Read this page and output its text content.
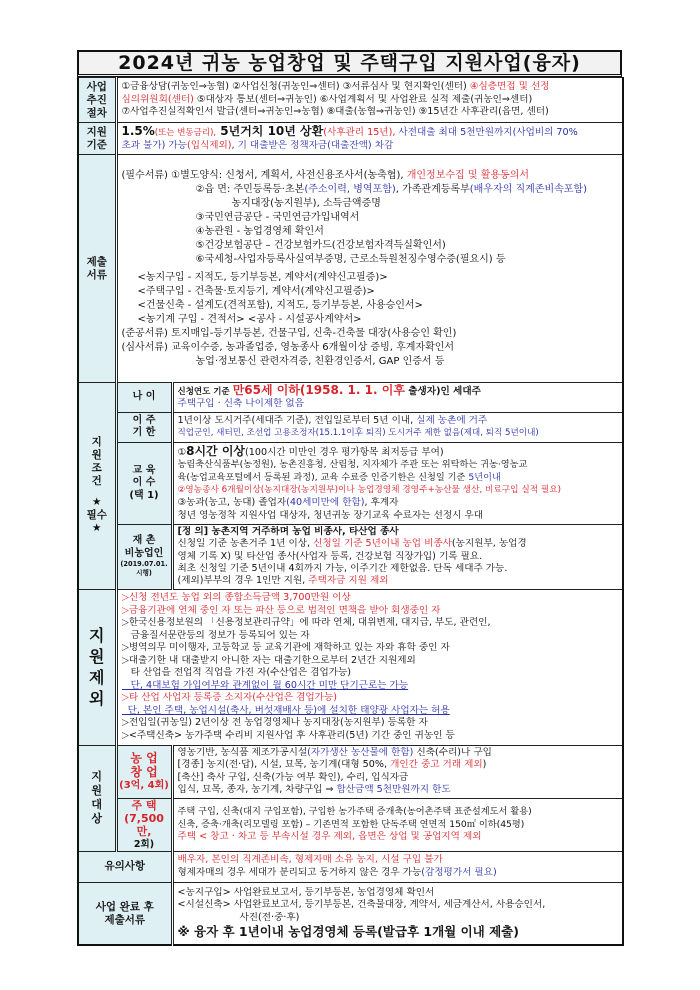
2024년 귀농 농업창업 및 주택구입 지원사업(융자)
사업
추진
절차

①금융상담(귀농인⇒농협) ②사업신청(귀농인⇒센터) ③서류심사 및 현지확인(센터) ④심층면접 및 선정
심의위원회(센터) ⑤대상자 통보(센터⇒귀농인) ⑥사업계획서 및 사업완료 실적 제출(귀농인⇒센터)
⑦사업추진실적확인서 발급(센터⇒귀농인⇒농협) ⑧대출(농협⇒귀농인) ⑨15년간 사후관리(읍면, 센터)

지원
기준

1.5%(또는 변동금리), 5년거치 10년 상환(사후관리 15년), 사전대출 최대 5천만원까지(사업비의 70%
초과 불가) 가능(입식제외), 기 대출받은 정책자금(대출잔액) 차감

제출
서류

(필수서류) ①별도양식: 신청서, 계획서, 사전신용조사서(농축협), 개인정보수집 및 활용동의서
②읍 면: 주민등록등·초본(주소이력, 병역포함), 가족관계등록부(배우자의 직계존비속포함)
농지대장(농지원부), 소득금액증명
③국민연금공단 - 국민연금가입내역서
④농관원 - 농업경영체 확인서
⑤건강보험공단 – 건강보험카드(건강보험자격득실확인서)
⑥국세청-사업자등록사실여부증명, 근로소득원천징수영수증(필요시) 등
<농지구입 - 지적도, 등기부등본, 계약서(계약신고필증)>
<주택구입 - 건축물·토지등기, 계약서(계약신고필증)>
<건물신축 - 설계도(견적포함), 지적도, 등기부등본, 사용승인서>
<농기계 구입 - 견적서> <공사 - 시설공사계약서>
(준공서류) 토지매입-등기부등본, 건물구입, 신축-건축물 대장(사용승인 확인)
(심사서류) 교육이수증, 농과졸업증, 영농종사 6개월이상 증빙, 후계자확인서
농업·정보통신 관련자격증, 친환경인증서, GAP 인증서 등

지
원
조
건
★
필수
★
	나 이	신청연도 기준 만65세 이하(1958. 1. 1. 이후 출생자)인 세대주
주택구입 · 신축 나이제한 없음

이 주
기 한

1년이상 도시거주(세대주 기준), 전입일로부터 5년 이내, 실제 농촌에 거주
직업군인, 새터민, 조선업 고용조정자(15.1.1이후 퇴직) 도시거주 제한 없음(제대, 퇴직 5년이내)

교 육
이 수
(택 1)

①8시간 이상(100시간 미만인 경우 평가항목 최저등급 부여)
농림축산식품부(농정원), 농촌진흥청, 산림청, 지자체가 주관 또는 위탁하는 귀농·영농교
육(농업교육포털에서 등록된 과정), 교육 수료증 인증기한은 신청일 기준 5년이내
②영농종사 6개월이상(농지대장(농지원부)이나 농업경영체 경영주+농산물 생산, 비료구입 실적 필요)
③농과(농고, 농대) 졸업자(40세미만에 한함), 후계자
청년 영농정착 지원사업 대상자, 청년귀농 장기교육 수료자는 선정시 우대

재 촌
비농업인
(2019.07.01.시행)

[정 의] 농촌지역 거주하며 농업 비종사, 타산업 종사
신청일 기준 농촌거주 1년 이상, 신청일 기준 5년이내 농업 비종사(농지원부, 농업경
영체 기록 X) 및 타산업 종사(사업자 등록, 건강보험 직장가입) 기록 필요.
최초 신청일 기준 5년이내 4회까지 가능, 이주기간 제한없음. 단독 세대주 가능.
(제외)부부의 경우 1인만 지원, 주택자금 지원 제외

지
원
제
외

▷신청 전년도 농업 외의 종합소득금액 3,700만원 이상
▷금융기관에 연체 중인 자 또는 파산 등으로 법적인 면책을 받아 회생중인 자
▷한국신용정보원의 「신용정보관리규약」에 따라 연체, 대위변제, 대지급, 부도, 관련인,
금융질서문란등의 정보가 등록되어 있는 자
▷병역의무 미이행자, 고등학교 등 교육기관에 재학하고 있는 자와 휴학 중인 자
▷대출기한 내 대출받지 아니한 자는 대출기한으로부터 2년간 지원제외
타 산업을 전업적 직업을 가진 자(수산업은 겸업가능)
단, 4대보험 가입여부와 관계없이 월 60시간 미만 단기근로는 가능
▷타 산업 사업자 등록증 소지자(수산업은 겸업가능)
단, 본인 주택, 농업시설(축사, 버섯재배사 등)에 설치한 태양광 사업자는 허용
▷전입일(귀농일) 2년이상 전 농업경영체나 농지대장(농지원부) 등록한 자
▷<주택신축> 농가주택 수리비 지원사업 후 사후관리(5년) 기간 중인 귀농인 등

지
원
대
상

농 업
창 업
(3억, 4회)

영농기반, 농식품 제조가공시설(자가생산 농산물에 한함) 신축(수리)나 구입
[경종] 농지(전·답), 시설, 묘목, 농기계(대형 50%, 개인간 중고 거래 제외)
[축산] 축사 구입, 신축(가능 여부 확인), 수리, 입식자금
입식, 묘목, 종자, 농기계, 차량구입 ⇒ 합산금액 5천만원까지 한도

주 택
(7,500만,
2회)

주택 구입, 신축(대지 구입포함), 구입한 농가주택 증개축(농어촌주택 표준설계도서 활용)
신축, 증축·개축(리모델링 포함) – 기존면적 포함한 단독주택 연면적 150㎡ 이하(45평)
주택 < 창고 · 차고 등 부속시설 경우 제외, 읍면은 상업 및 공업지역 제외

유의사항		배우자, 본인의 직계존비속, 형제자매 소유 농지, 시설 구입 불가
형제자매의 경우 세대가 분리되고 동거하지 않은 경우 가능(감정평가서 필요)

사업 완료 후
제출서류

<농지구입> 사업완료보고서, 등기부등본, 농업경영체 확인서
<시설신축> 사업완료보고서, 등기부등본, 건축물대장, 계약서, 세금계산서, 사용승인서,
사진(전·중·후)
※ 융자 후 1년이내 농업경영체 등록(발급후 1개월 이내 제출)
